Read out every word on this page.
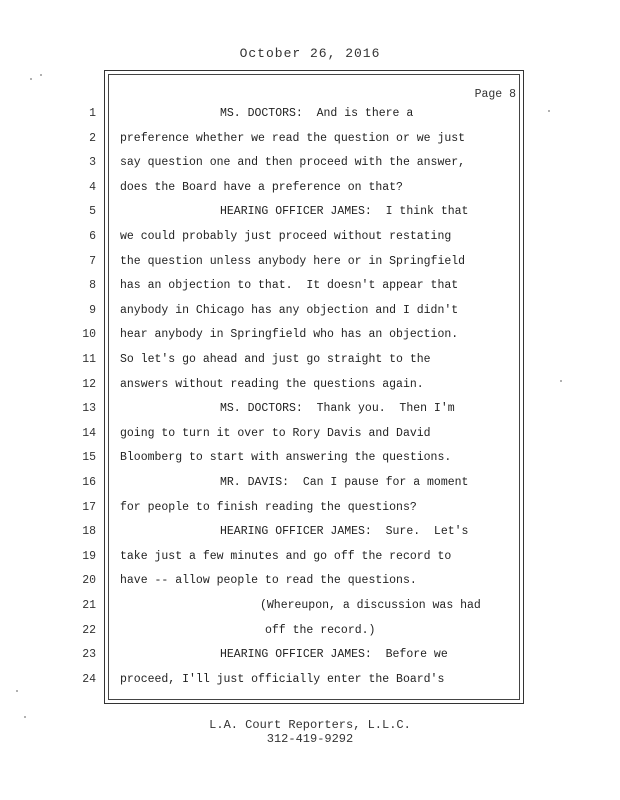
October 26, 2016
Page 8
1	MS. DOCTORS:  And is there a
2 preference whether we read the question or we just
3 say question one and then proceed with the answer,
4 does the Board have a preference on that?
5	HEARING OFFICER JAMES:  I think that
6 we could probably just proceed without restating
7 the question unless anybody here or in Springfield
8 has an objection to that.  It doesn't appear that
9 anybody in Chicago has any objection and I didn't
10 hear anybody in Springfield who has an objection.
11 So let's go ahead and just go straight to the
12 answers without reading the questions again.
13	MS. DOCTORS:  Thank you.  Then I'm
14 going to turn it over to Rory Davis and David
15 Bloomberg to start with answering the questions.
16	MR. DAVIS:  Can I pause for a moment
17 for people to finish reading the questions?
18	HEARING OFFICER JAMES:  Sure.  Let's
19 take just a few minutes and go off the record to
20 have -- allow people to read the questions.
21	(Whereupon, a discussion was had
22	off the record.)
23	HEARING OFFICER JAMES:  Before we
24 proceed, I'll just officially enter the Board's
L.A. Court Reporters, L.L.C.
312-419-9292
